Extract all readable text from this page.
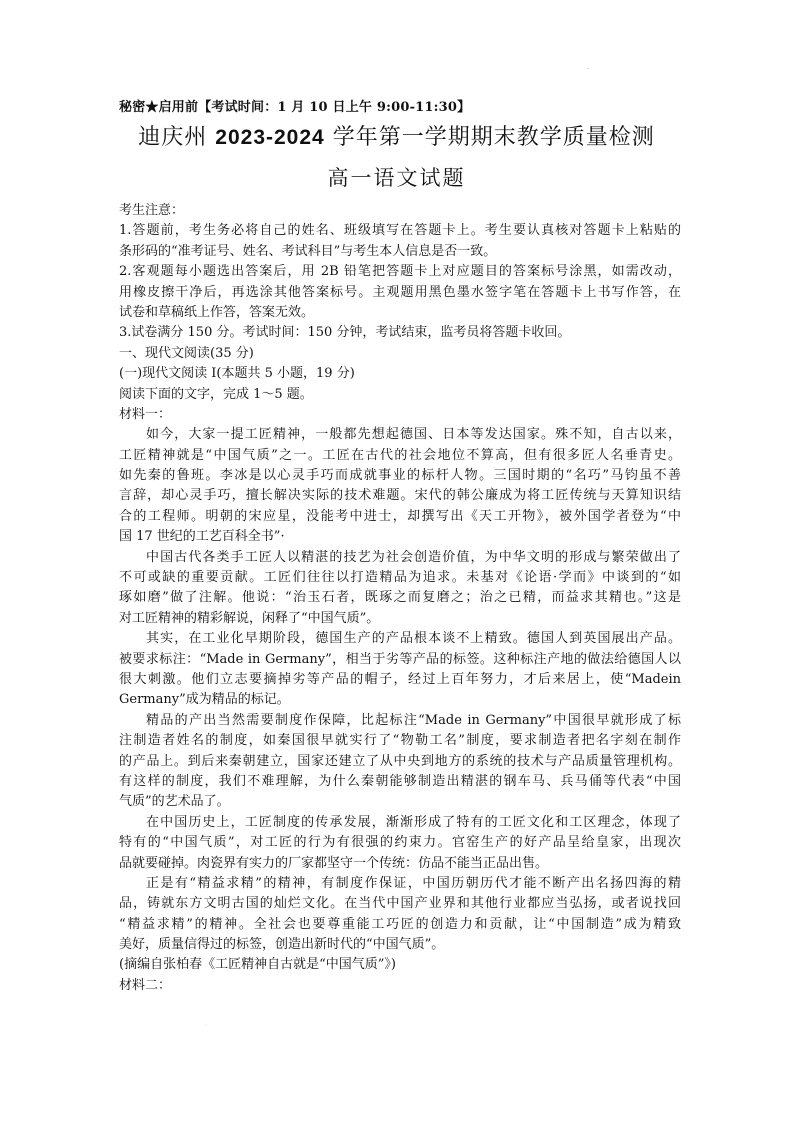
·
秘密★启用前【考试时间：1 月 10 日上午 9:00-11:30】
迪庆州 2023-2024 学年第一学期期末教学质量检测
高一语文试题
考生注意：
1.答题前，考生务必将自己的姓名、班级填写在答题卡上。考生要认真核对答题卡上粘贴的
条形码的“准考证号、姓名、考试科目”与考生本人信息是否一致。
2.客观题每小题选出答案后，用 2B 铅笔把答题卡上对应题目的答案标号涂黑，如需改动，
用橡皮擦干净后，再选涂其他答案标号。主观题用黑色墨水签字笔在答题卡上书写作答，在
试卷和草稿纸上作答，答案无效。
3.试卷满分 150 分。考试时间：150 分钟，考试结束，监考员将答题卡收回。
一、现代文阅读(35 分)
(一)现代文阅读 I(本题共 5 小题，19 分)
阅读下面的文字，完成 1～5 题。
材料一：
如今，大家一提工匠精神，一般都先想起德国、日本等发达国家。殊不知，自古以来，
工匠精神就是“中国气质”之一。工匠在古代的社会地位不算高，但有很多匠人名垂青史。
如先秦的鲁班。李冰是以心灵手巧而成就事业的标杆人物。三国时期的“名巧”马钧虽不善
言辞，却心灵手巧，擅长解决实际的技术难题。宋代的韩公廉成为将工匠传统与天算知识结
合的工程师。明朝的宋应星，没能考中进士，却撰写出《天工开物》，被外国学者登为“中
国 17 世纪的工艺百科全书”·
中国古代各类手工匠人以精湛的技艺为社会创造价值，为中华文明的形成与繁荣做出了
不可或缺的重要贡献。工匠们往往以打造精品为追求。未基对《论语·学而》中谈到的“如
琢如磨”做了注解。他说：“治玉石者，既琢之而复磨之；治之已精，而益求其精也。”这是
对工匠精神的精彩解说，闲释了“中国气质”。
其实，在工业化早期阶段，德国生产的产品根本谈不上精致。德国人到英国展出产品。
被要求标注：“Made in Germany”，相当于劣等产品的标签。这种标注产地的做法给德国人以
很大刺激。他们立志要摘掉劣等产品的帽子，经过上百年努力，才后来居上，使“Madein
Germany”成为精品的标记。
精品的产出当然需要制度作保障，比起标注“Made in Germany”中国很早就形成了标
注制造者姓名的制度，如秦国很早就实行了“物勒工名”制度，要求制造者把名字刻在制作
的产品上。到后来秦朝建立，国家还建立了从中央到地方的系统的技术与产品质量管理机构。
有这样的制度，我们不难理解，为什么秦朝能够制造出精湛的钢车马、兵马俑等代表“中国
气质”的艺术品了。
在中国历史上，工匠制度的传承发展，渐渐形成了特有的工匠文化和工区理念，体现了
特有的“中国气质”，对工匠的行为有很强的约束力。官窑生产的好产品呈给皇家，出现次
品就要碰掉。肉瓷界有实力的厂家都坚守一个传统：仿品不能当正品出售。
正是有“精益求精”的精神，有制度作保证，中国历朝历代才能不断产出名扬四海的精
品，铸就东方文明古国的灿烂文化。在当代中国产业界和其他行业都应当弘扬，或者说找回
“精益求精”的精神。全社会也要尊重能工巧匠的创造力和贡献，让“中国制造”成为精致
美好，质量信得过的标签，创造出新时代的“中国气质”。
(摘编自张柏春《工匠精神自古就是“中国气质”》)
材料二：
·
